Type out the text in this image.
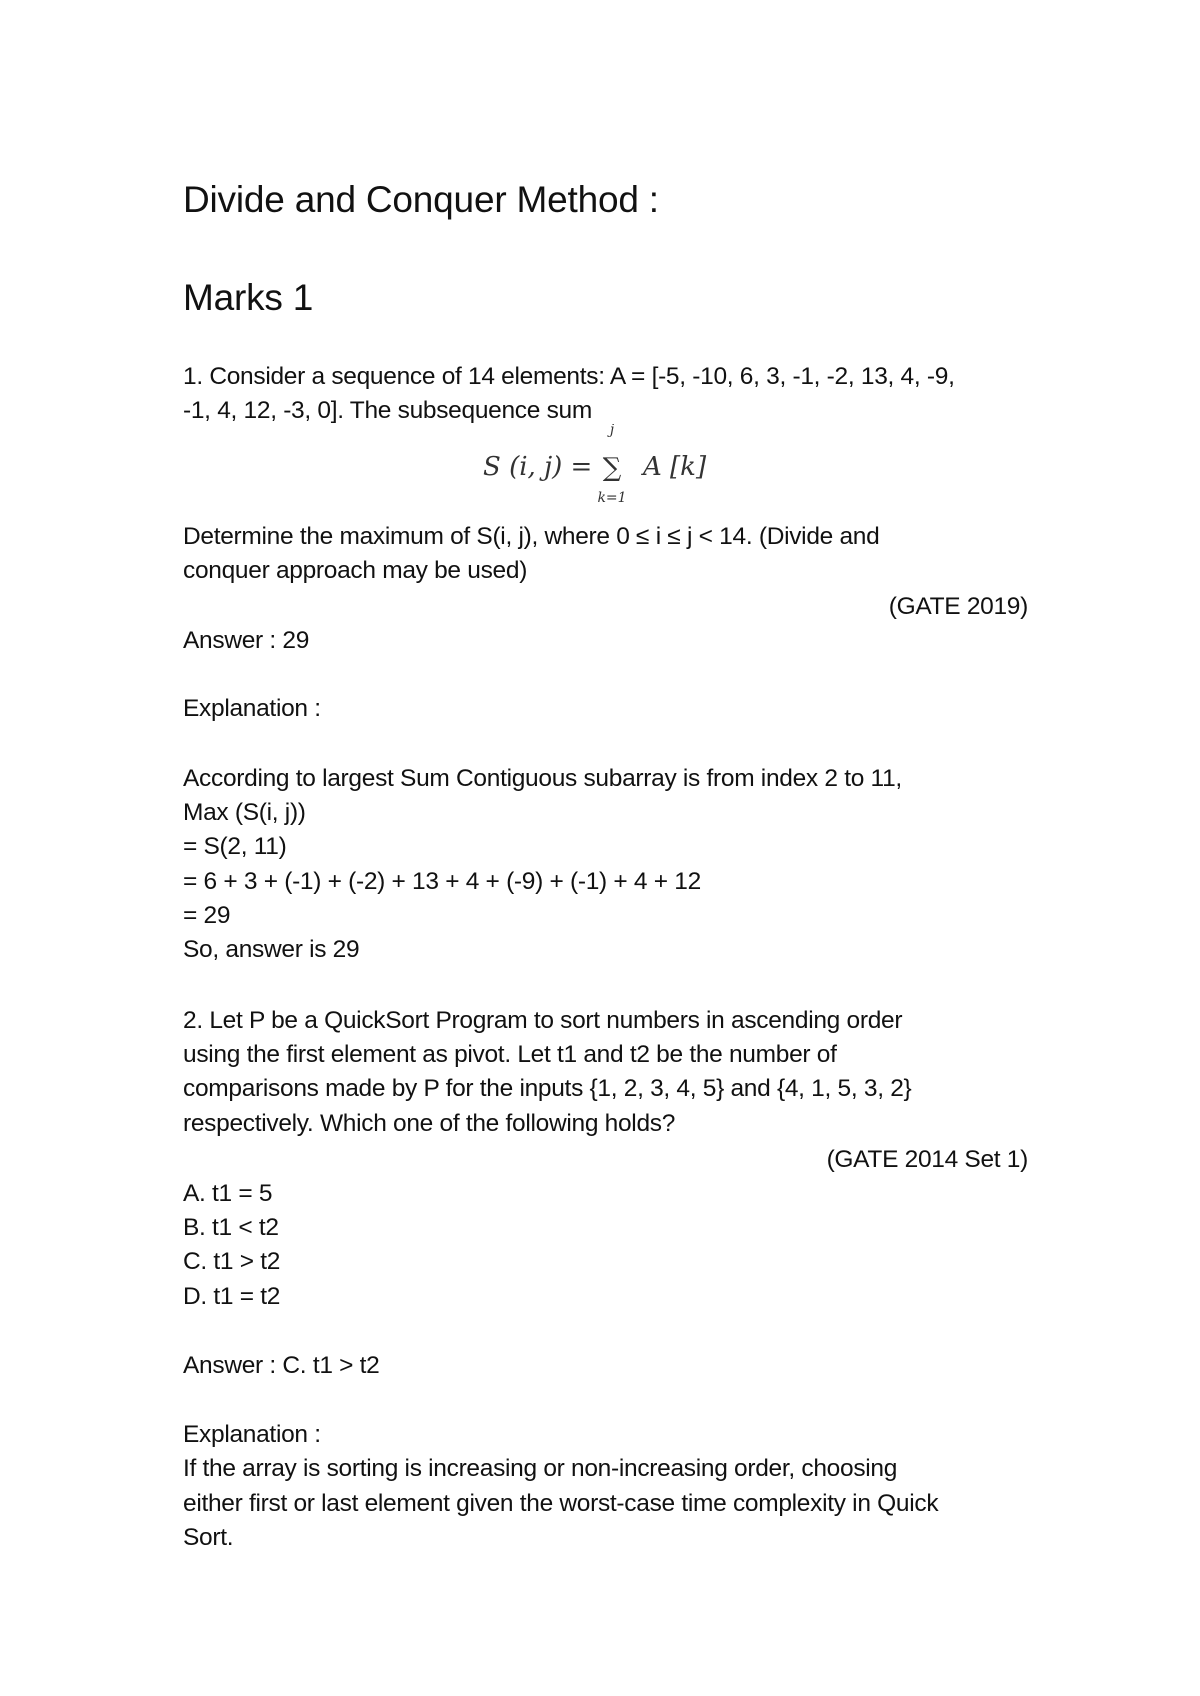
Divide and Conquer Method :
Marks 1
1. Consider a sequence of 14 elements: A = [-5, -10, 6, 3, -1, -2, 13, 4, -9,
-1, 4, 12, -3, 0]. The subsequence sum
S (i, j) =
j
∑
k=1
A [k]
Determine the maximum of S(i, j), where 0 ≤ i ≤ j < 14. (Divide and
conquer approach may be used)
(GATE 2019)
Answer : 29
Explanation :
According to largest Sum Contiguous subarray is from index 2 to 11,
Max (S(i, j))
= S(2, 11)
= 6 + 3 + (-1) + (-2) + 13 + 4 + (-9) + (-1) + 4 + 12
= 29
So, answer is 29
2. Let P be a QuickSort Program to sort numbers in ascending order
using the first element as pivot. Let t1 and t2 be the number of
comparisons made by P for the inputs {1, 2, 3, 4, 5} and {4, 1, 5, 3, 2}
respectively. Which one of the following holds?
(GATE 2014 Set 1)
A. t1 = 5
B. t1 < t2
C. t1 > t2
D. t1 = t2
Answer : C. t1 > t2
Explanation :
If the array is sorting is increasing or non-increasing order, choosing
either first or last element given the worst-case time complexity in Quick
Sort.
